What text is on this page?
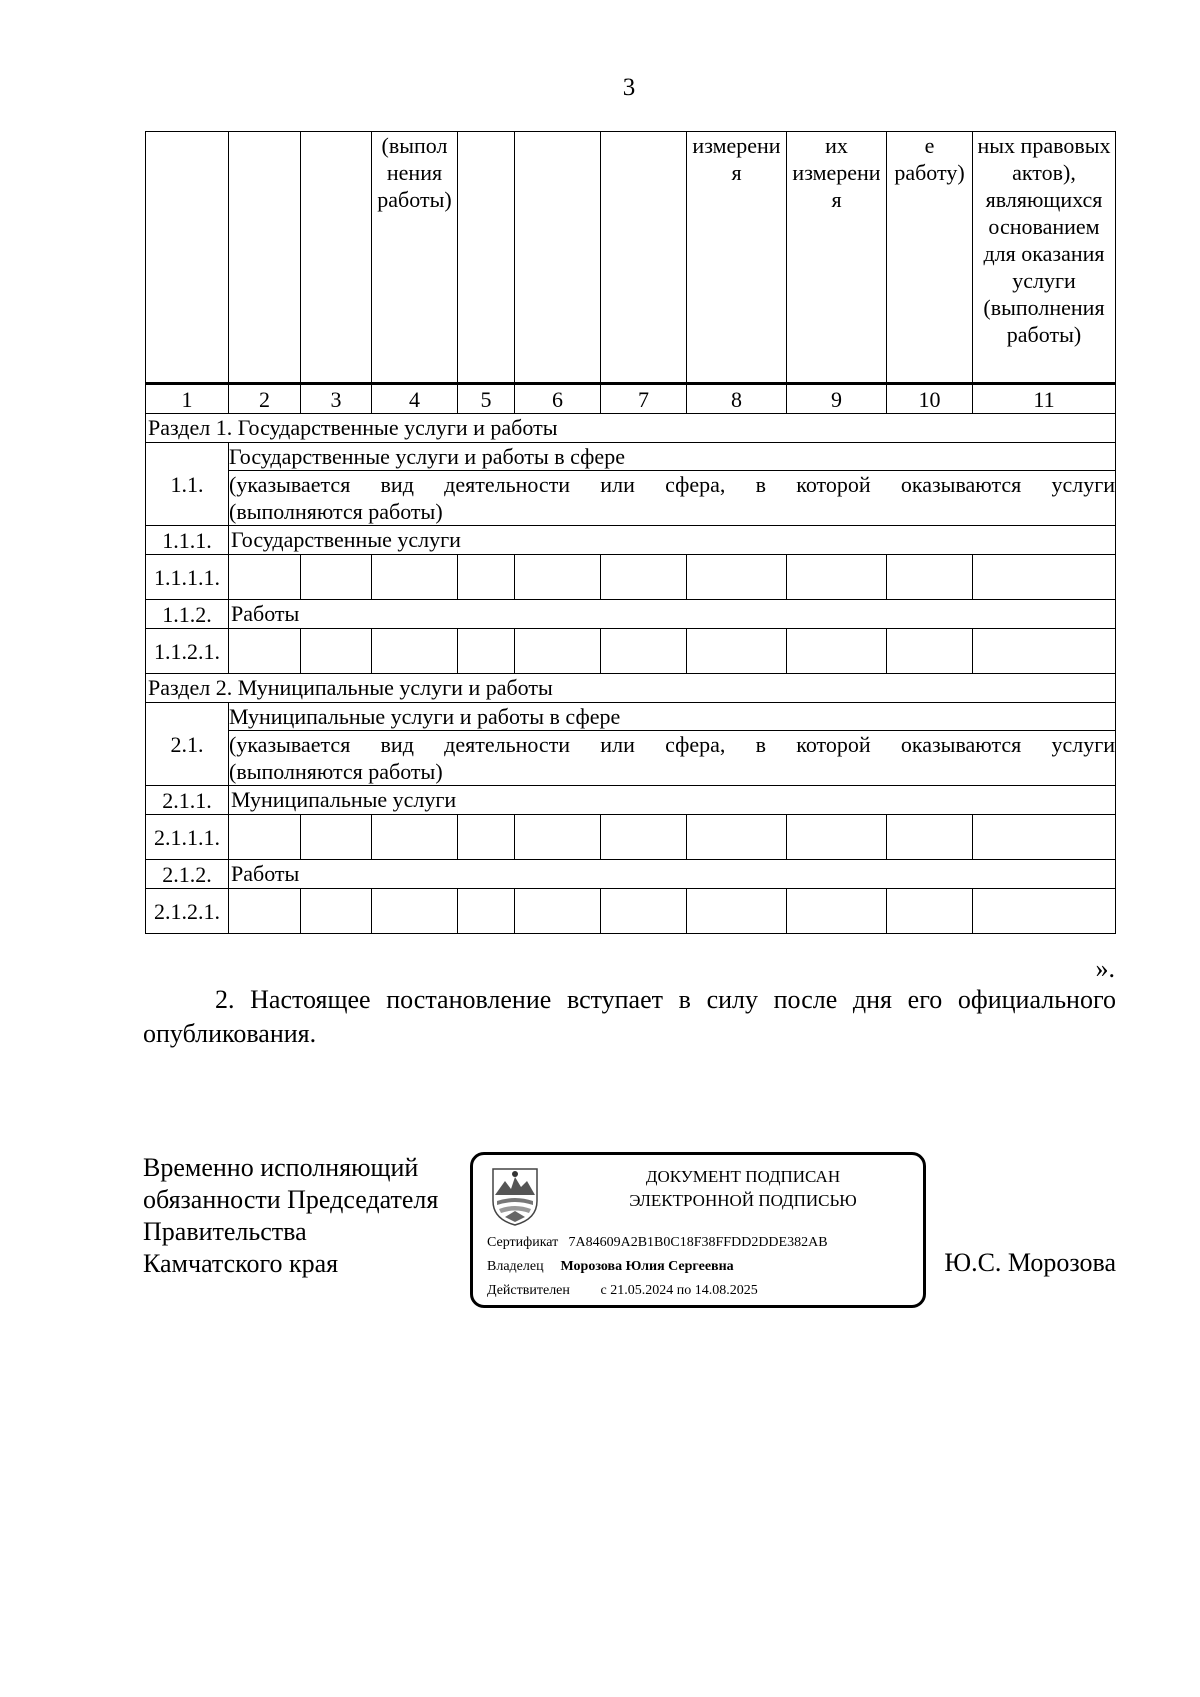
3
			(выпол нения работы)				измерени я	их измерени я	е работу)	ных правовых актов), являющихся основанием для оказания услуги (выполнения работы)
1	2	3	4	5	6	7	8	9	10	11
Раздел 1. Государственные услуги и работы										
1.1.	Государственные услуги и работы в сфере
(указывается вид деятельности или сфера, в которой оказываются услуги
(выполняются работы)									

1.1.1.	Государственные услуги									
1.1.1.1.										
1.1.2.	Работы									
1.1.2.1.										
Раздел 2. Муниципальные услуги и работы										
2.1.	Муниципальные услуги и работы в сфере
(указывается вид деятельности или сфера, в которой оказываются услуги
(выполняются работы)									

2.1.1.	Муниципальные услуги									
2.1.1.1.										
2.1.2.	Работы									
2.1.2.1.										
».
2. Настоящее постановление вступает в силу после дня его официального опубликования.
Временно исполняющий
обязанности Председателя
Правительства
Камчатского края
ДОКУМЕНТ ПОДПИСАН
ЭЛЕКТРОННОЙ ПОДПИСЬЮ
Сертификат 7A84609A2B1B0C18F38FFDD2DDE382AB
Владелец Морозова Юлия Сергеевна
Действителен с 21.05.2024 по 14.08.2025
Ю.С. Морозова
